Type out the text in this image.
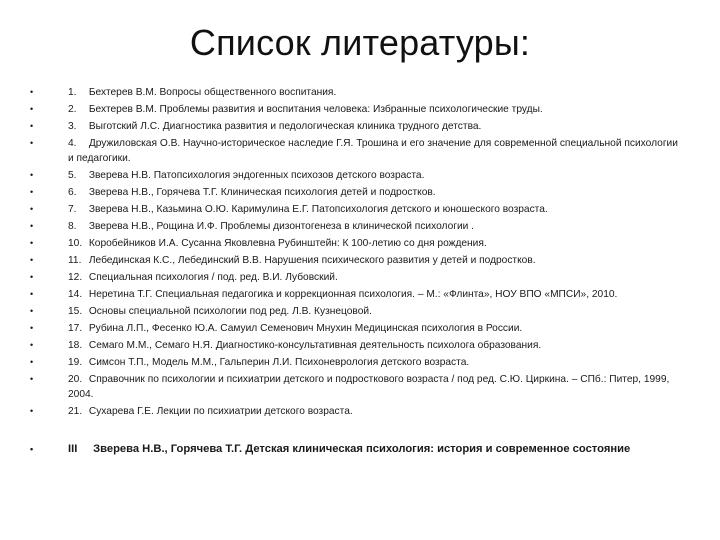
Список литературы:
•	1. Бехтерев В.М. Вопросы общественного воспитания.
•	2. Бехтерев В.М. Проблемы развития и воспитания человека: Избранные психологические труды.
•	3. Выготский Л.С. Диагностика развития и педологическая клиника трудного детства.
•	4. Дружиловская О.В. Научно-историческое наследие Г.Я. Трошина и его значение для современной специальной психологии и педагогики.
•	5. Зверева Н.В. Патопсихология эндогенных психозов детского возраста.
•	6. Зверева Н.В., Горячева Т.Г. Клиническая психология детей и подростков.
•	7. Зверева Н.В., Казьмина О.Ю. Каримулина Е.Г. Патопсихология детского и юношеского возраста.
•	8. Зверева Н.В., Рощина И.Ф. Проблемы дизонтогенеза в клинической психологии .
•	10. Коробейников И.А. Сусанна Яковлевна Рубинштейн: К 100-летию со дня рождения.
•	11. Лебединская К.С., Лебединский В.В. Нарушения психического развития у детей и подростков.
•	12. Специальная психология / под. ред. В.И. Лубовский.
•	14. Неретина Т.Г. Специальная педагогика и коррекционная психология. – М.: «Флинта», НОУ ВПО «МПСИ», 2010.
•	15. Основы специальной психологии под ред. Л.В. Кузнецовой.
•	17. Рубина Л.П., Фесенко Ю.А. Самуил Семенович Мнухин Медицинская психология в России.
•	18. Семаго М.М., Семаго Н.Я. Диагностико-консультативная деятельность психолога образования.
•	19. Симсон Т.П., Модель М.М., Гальперин Л.И. Психоневрология детского возраста.
•	20. Справочник по психологии и психиатрии детского и подросткового возраста / под ред. С.Ю. Циркина. – СПб.: Питер, 1999, 2004.
•	21. Сухарева Г.Е. Лекции по психиатрии детского возраста.
•	III Зверева Н.В., Горячева Т.Г. Детская клиническая психология: история и современное состояние
